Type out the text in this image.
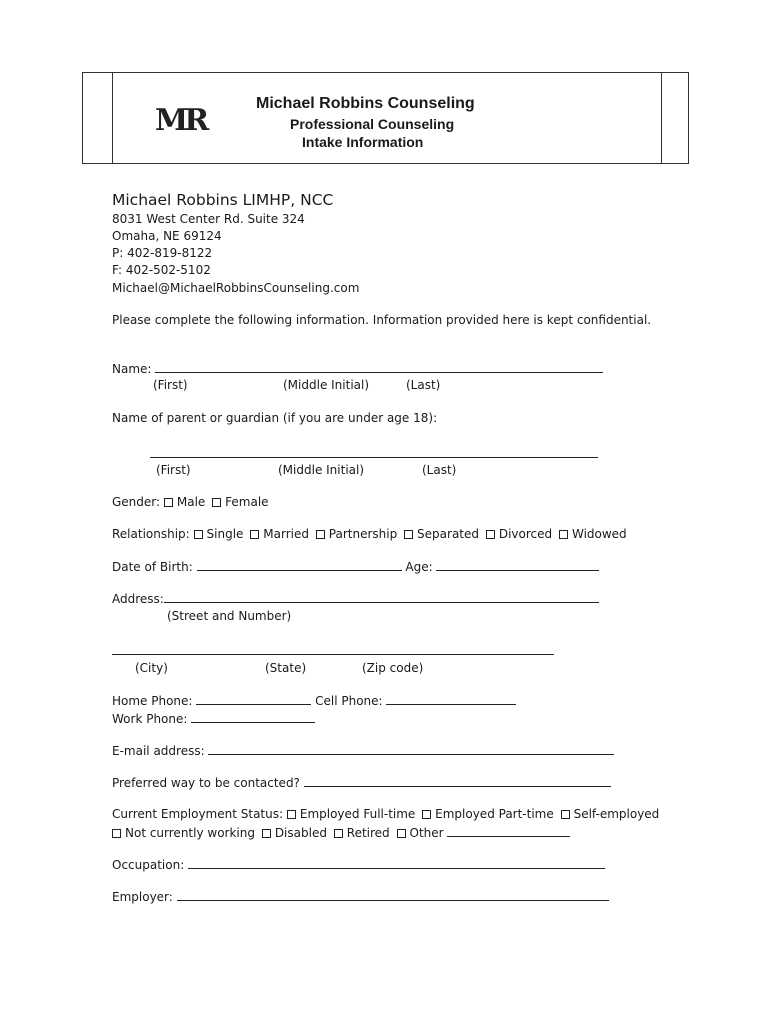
MR	Michael Robbins Counseling
Professional Counseling
Intake Information
Michael Robbins LIMHP, NCC
8031 West Center Rd. Suite 324
Omaha, NE 69124
P: 402-819-8122
F: 402-502-5102
Michael@MichaelRobbinsCounseling.com
Please complete the following information. Information provided here is kept confidential.
Name:
(First)	(Middle Initial)	(Last)
Name of parent or guardian (if you are under age 18):
(First)	(Middle Initial)	(Last)
Gender: Male Female
Relationship: Single Married Partnership Separated Divorced Widowed
Date of Birth:	Age:
Address:
(Street and Number)
(City)	(State)	(Zip code)
Home Phone:	Cell Phone:
Work Phone:
E-mail address:
Preferred way to be contacted?
Current Employment Status: Employed Full-time Employed Part-time Self-employed
Not currently working Disabled Retired Other
Occupation:
Employer:
